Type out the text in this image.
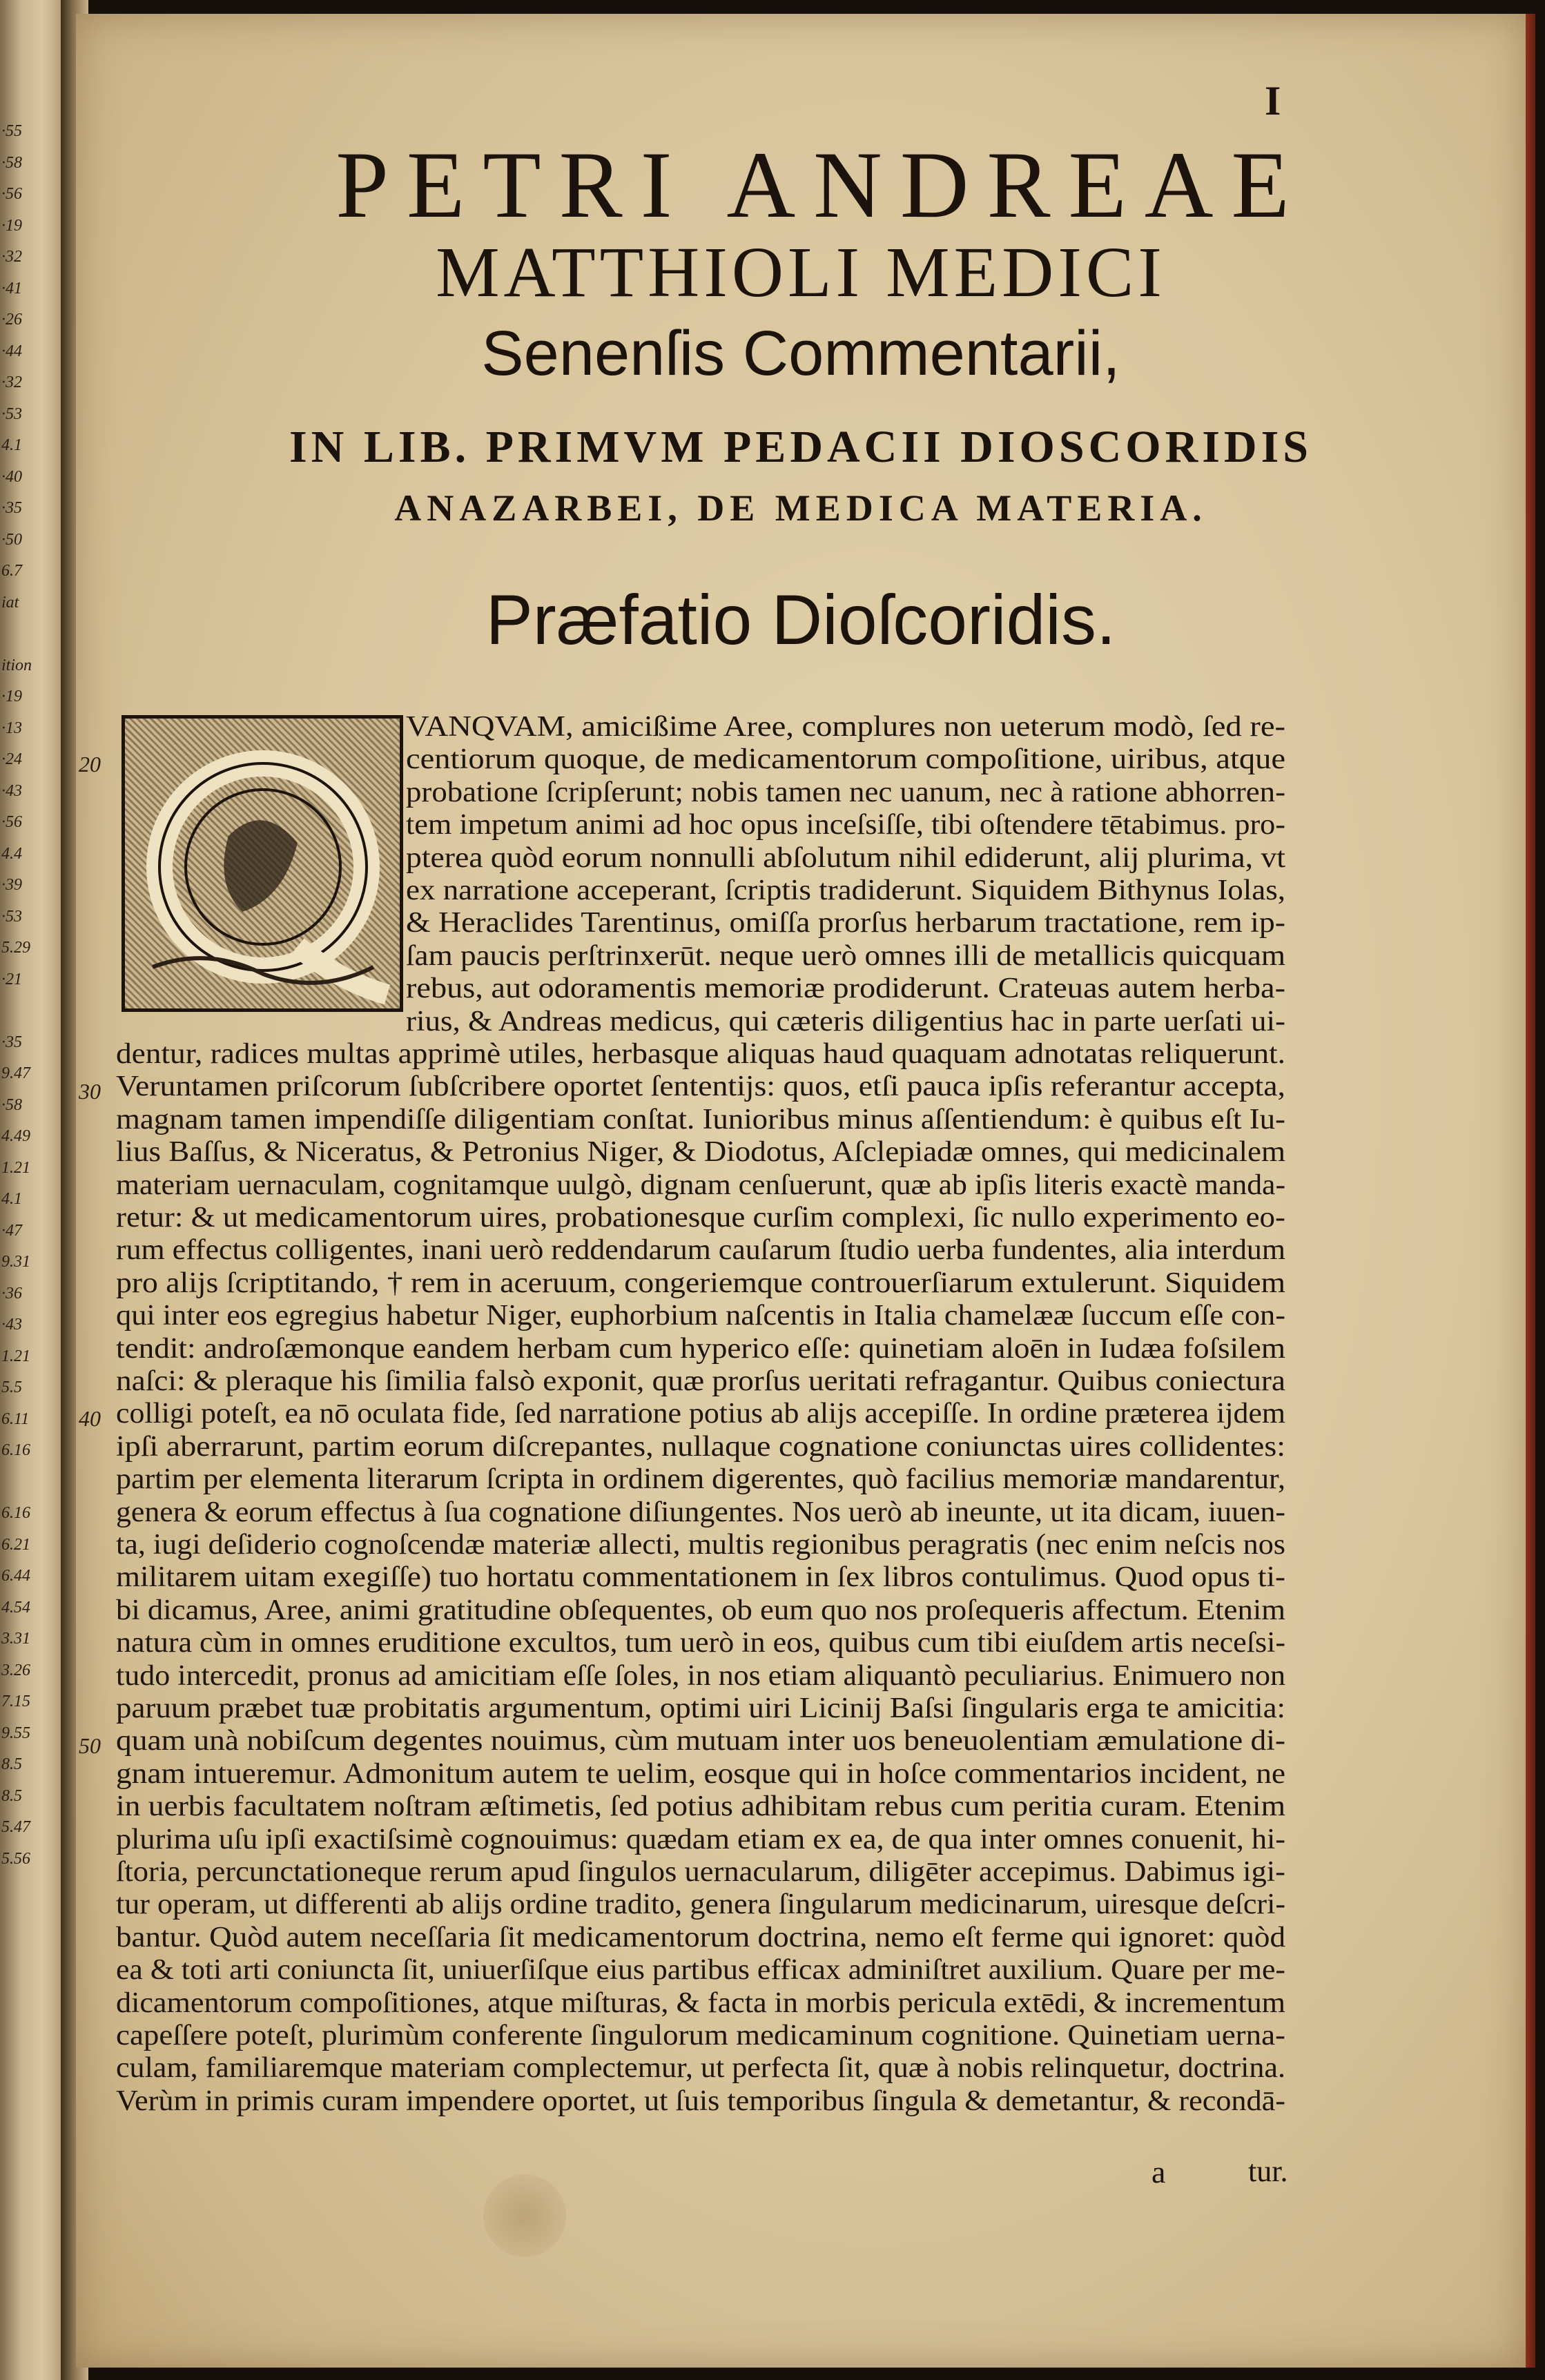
·55
·58
·56
·19
·32
·41
·26
·44
·32
·53
4.1
·40
·35
·50
6.7
iat
ition
·19
·13
·24
·43
·56
4.4
·39
·53
5.29
·21
·35
9.47
·58
4.49
1.21
4.1
·47
9.31
·36
·43
1.21
5.5
6.11
6.16
6.16
6.21
6.44
4.54
3.31
3.26
7.15
9.55
8.5
8.5
5.47
5.56
I
PETRI ANDREAE
MATTHIOLI MEDICI
Senenſis Commentarii,
IN LIB. PRIMVM PEDACII DIOSCORIDIS
ANAZARBEI, DE MEDICA MATERIA.
Præfatio Dioſcoridis.
VANQVAM, amicißime Aree, complures non ueterum modò, ſed re-
centiorum quoque, de medicamentorum compoſitione, uiribus, atque
probatione ſcripſerunt; nobis tamen nec uanum, nec à ratione abhorren-
tem impetum animi ad hoc opus inceſsiſſe, tibi oſtendere tētabimus. pro-
pterea quòd eorum nonnulli abſolutum nihil ediderunt, alij plurima, vt
ex narratione acceperant, ſcriptis tradiderunt. Siquidem Bithynus Iolas,
& Heraclides Tarentinus, omiſſa prorſus herbarum tractatione, rem ip-
ſam paucis perſtrinxerūt. neque uerò omnes illi de metallicis quicquam
rebus, aut odoramentis memoriæ prodiderunt. Crateuas autem herba-
rius, & Andreas medicus, qui cæteris diligentius hac in parte uerſati ui-
dentur, radices multas apprimè utiles, herbasque aliquas haud quaquam adnotatas reliquerunt.
Veruntamen priſcorum ſubſcribere oportet ſententijs: quos, etſi pauca ipſis referantur accepta,
magnam tamen impendiſſe diligentiam conſtat. Iunioribus minus aſſentiendum: è quibus eſt Iu-
lius Baſſus, & Niceratus, & Petronius Niger, & Diodotus, Aſclepiadæ omnes, qui medicinalem
materiam uernaculam, cognitamque uulgò, dignam cenſuerunt, quæ ab ipſis literis exactè manda-
retur: & ut medicamentorum uires, probationesque curſim complexi, ſic nullo experimento eo-
rum effectus colligentes, inani uerò reddendarum cauſarum ſtudio uerba fundentes, alia interdum
pro alijs ſcriptitando, † rem in aceruum, congeriemque controuerſiarum extulerunt. Siquidem
qui inter eos egregius habetur Niger, euphorbium naſcentis in Italia chamelææ ſuccum eſſe con-
tendit: androſæmonque eandem herbam cum hyperico eſſe: quinetiam aloēn in Iudæa foſsilem
naſci: & pleraque his ſimilia falsò exponit, quæ prorſus ueritati refragantur. Quibus coniectura
colligi poteſt, ea nō oculata fide, ſed narratione potius ab alijs accepiſſe. In ordine præterea ijdem
ipſi aberrarunt, partim eorum diſcrepantes, nullaque cognatione coniunctas uires collidentes:
partim per elementa literarum ſcripta in ordinem digerentes, quò facilius memoriæ mandarentur,
genera & eorum effectus à ſua cognatione diſiungentes. Nos uerò ab ineunte, ut ita dicam, iuuen-
ta, iugi deſiderio cognoſcendæ materiæ allecti, multis regionibus peragratis (nec enim neſcis nos
militarem uitam exegiſſe) tuo hortatu commentationem in ſex libros contulimus. Quod opus ti-
bi dicamus, Aree, animi gratitudine obſequentes, ob eum quo nos proſequeris affectum. Etenim
natura cùm in omnes eruditione excultos, tum uerò in eos, quibus cum tibi eiuſdem artis neceſsi-
tudo intercedit, pronus ad amicitiam eſſe ſoles, in nos etiam aliquantò peculiarius. Enimuero non
paruum præbet tuæ probitatis argumentum, optimi uiri Licinij Baſsi ſingularis erga te amicitia:
quam unà nobiſcum degentes nouimus, cùm mutuam inter uos beneuolentiam æmulatione di-
gnam intueremur. Admonitum autem te uelim, eosque qui in hoſce commentarios incident, ne
in uerbis facultatem noſtram æſtimetis, ſed potius adhibitam rebus cum peritia curam. Etenim
plurima uſu ipſi exactiſsimè cognouimus: quædam etiam ex ea, de qua inter omnes conuenit, hi-
ſtoria, percunctationeque rerum apud ſingulos uernacularum, diligēter accepimus. Dabimus igi-
tur operam, ut differenti ab alijs ordine tradito, genera ſingularum medicinarum, uiresque deſcri-
bantur. Quòd autem neceſſaria ſit medicamentorum doctrina, nemo eſt ferme qui ignoret: quòd
ea & toti arti coniuncta ſit, uniuerſiſque eius partibus efficax adminiſtret auxilium. Quare per me-
dicamentorum compoſitiones, atque miſturas, & facta in morbis pericula extēdi, & incrementum
capeſſere poteſt, plurimùm conferente ſingulorum medicaminum cognitione. Quinetiam uerna-
culam, familiaremque materiam complectemur, ut perfecta ſit, quæ à nobis relinquetur, doctrina.
Verùm in primis curam impendere oportet, ut ſuis temporibus ſingula & demetantur, & recondā-
a	tur.
20
30
40
50
